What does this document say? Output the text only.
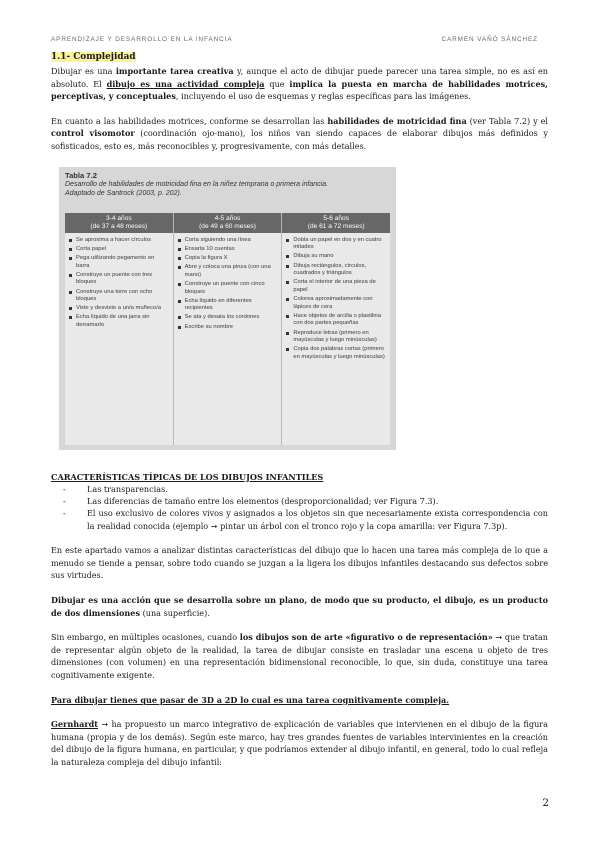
APRENDIZAJE Y DESARROLLO EN LA INFANCIA	CARMEN VAÑÓ SÁNCHEZ
1.1- Complejidad

Dibujar es una importante tarea creativa y, aunque el acto de dibujar puede parecer una tarea simple, no es así en absoluto. El dibujo es una actividad compleja que implica la puesta en marcha de habilidades motrices, perceptivas, y conceptuales, incluyendo el uso de esquemas y reglas específicas para las imágenes.

En cuanto a las habilidades motrices, conforme se desarrollan las habilidades de motricidad fina (ver Tabla 7.2) y el control visomotor (coordinación ojo-mano), los niños van siendo capaces de elaborar dibujos más definidos y sofisticados, esto es, más reconocibles y, progresivamente, con más detalles.

Tabla 7.2
Desarrollo de habilidades de motricidad fina en la niñez temprana o primera infancia.
Adaptado de Santrock (2003, p. 202).
3-4 años
(de 37 a 48 meses)
Se aproxima a hacer círculos
Corta papel
Pega utilizando pegamento en barra
Construye un puente con tres bloques
Construye una torre con ocho bloques
Viste y desviste a un/a muñeco/a
Echa líquido de una jarra sin derramarlo
4-5 años
(de 49 a 60 meses)
Corta siguiendo una línea
Ensarta 10 cuentas
Copia la figura X
Abre y coloca una pinza (con una mano)
Construye un puente con cinco bloques
Echa líquido en diferentes recipientes
Se ata y desata los cordones
Escribe su nombre
5-6 años
(de 61 a 72 meses)
Dobla un papel en dos y en cuatro mitades
Dibuja su mano
Dibuja rectángulos, círculos, cuadrados y triángulos
Corta el interior de una pieza de papel
Colorea aproximadamente con lápices de cera
Hace objetos de arcilla o plastilina con dos partes pequeñas
Reproduce letras (primero en mayúsculas y luego minúsculas)
Copia dos palabras cortas (primero en mayúsculas y luego minúsculas)
CARACTERÍSTICAS TÍPICAS DE LOS DIBUJOS INFANTILES
- Las transparencias.
- Las diferencias de tamaño entre los elementos (desproporcionalidad; ver Figura 7.3).
- El uso exclusivo de colores vivos y asignados a los objetos sin que necesariamente exista correspondencia con la realidad conocida (ejemplo ➞ pintar un árbol con el tronco rojo y la copa amarilla: ver Figura 7.3p).

En este apartado vamos a analizar distintas características del dibujo que lo hacen una tarea más compleja de lo que a menudo se tiende a pensar, sobre todo cuando se juzgan a la ligera los dibujos infantiles destacando sus defectos sobre sus virtudes.

Dibujar es una acción que se desarrolla sobre un plano, de modo que su producto, el dibujo, es un producto de dos dimensiones (una superficie).

Sin embargo, en múltiples ocasiones, cuando los dibujos son de arte «figurativo o de representación» ➞ que tratan de representar algún objeto de la realidad, la tarea de dibujar consiste en trasladar una escena u objeto de tres dimensiones (con volumen) en una representación bidimensional reconocible, lo que, sin duda, constituye una tarea cognitivamente exigente.

Para dibujar tienes que pasar de 3D a 2D lo cual es una tarea cognitivamente compleja.

Gernhardt ➞ ha propuesto un marco integrativo de explicación de variables que intervienen en el dibujo de la figura humana (propia y de los demás). Según este marco, hay tres grandes fuentes de variables intervinientes en la creación del dibujo de la figura humana, en particular, y que podríamos extender al dibujo infantil, en general, todo lo cual refleja la naturaleza compleja del dibujo infantil:

2
